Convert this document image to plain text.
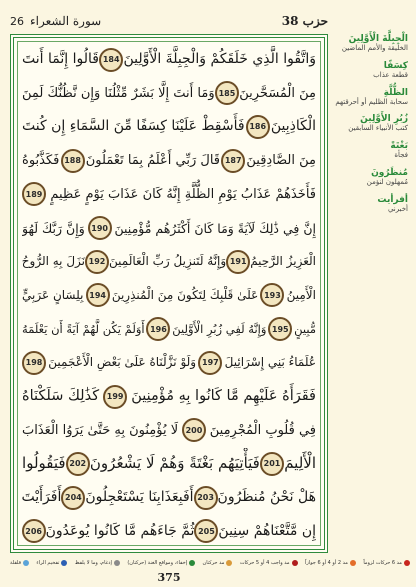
حزب 38
سورة الشعراء
26
وَاتَّقُوا الَّذِي خَلَقَكُمْ وَالْجِبِلَّةَ الْأَوَّلِينَ
184
قَالُوا إِنَّمَا أَنتَ
مِنَ الْمُسَحَّرِينَ
185
وَمَا أَنتَ إِلَّا بَشَرٌ مِّثْلُنَا وَإِن نَّظُنُّكَ لَمِنَ
الْكَاذِبِينَ
186
فَأَسْقِطْ عَلَيْنَا كِسَفًا مِّنَ السَّمَاءِ إِن كُنتَ
مِنَ الصَّادِقِينَ
187
قَالَ رَبِّي أَعْلَمُ بِمَا تَعْمَلُونَ
188
فَكَذَّبُوهُ
فَأَخَذَهُمْ عَذَابُ يَوْمِ الظُّلَّةِ إِنَّهُ كَانَ عَذَابَ يَوْمٍ عَظِيمٍ
189
إِنَّ فِي ذَٰلِكَ لَآيَةً وَمَا كَانَ أَكْثَرُهُم مُّؤْمِنِينَ
190
وَإِنَّ رَبَّكَ لَهُوَ
الْعَزِيزُ الرَّحِيمُ
191
وَإِنَّهُ لَتَنزِيلُ رَبِّ الْعَالَمِينَ
192
نَزَلَ بِهِ الرُّوحُ
الْأَمِينُ
193
عَلَىٰ قَلْبِكَ لِتَكُونَ مِنَ الْمُنذِرِينَ
194
بِلِسَانٍ عَرَبِيٍّ
مُّبِينٍ
195
وَإِنَّهُ لَفِي زُبُرِ الْأَوَّلِينَ
196
أَوَلَمْ يَكُن لَّهُمْ آيَةً أَن يَعْلَمَهُ
عُلَمَاءُ بَنِي إِسْرَائِيلَ
197
وَلَوْ نَزَّلْنَاهُ عَلَىٰ بَعْضِ الْأَعْجَمِينَ
198
فَقَرَأَهُ عَلَيْهِم مَّا كَانُوا بِهِ مُؤْمِنِينَ
199
كَذَٰلِكَ سَلَكْنَاهُ
فِي قُلُوبِ الْمُجْرِمِينَ
200
لَا يُؤْمِنُونَ بِهِ حَتَّىٰ يَرَوُا الْعَذَابَ
الْأَلِيمَ
201
فَيَأْتِيَهُم بَغْتَةً وَهُمْ لَا يَشْعُرُونَ
202
فَيَقُولُوا
هَلْ نَحْنُ مُنظَرُونَ
203
أَفَبِعَذَابِنَا يَسْتَعْجِلُونَ
204
أَفَرَأَيْتَ
إِن مَّتَّعْنَاهُمْ سِنِينَ
205
ثُمَّ جَاءَهُم مَّا كَانُوا يُوعَدُونَ
206
الْجِبِلَّةَ الْأَوَّلِينَ
الخليقة والأمم الماضين
كِسَفًا
قطعة عذاب
الظُّلَّةِ
سحابة الظليم أو أحرقتهم
زُبُرِ الأَوَّلِينَ
كتب الأنبياء السابقين
بَغْتَةً
فجأة
مُنظَرُونَ
مُمهلون لنؤمن
أفرأيت
أخبرني
مد 6 حركات لزوماً
مد 2 أو 4 أو 6 جوازاً
مد واجب 4 أو 5 حركات
مد حركتان
إخفاء، ومواقع الغنة (حركتان)
إدغام، وما لا يلفظ
تفخيم الراء
قلقلة
375
